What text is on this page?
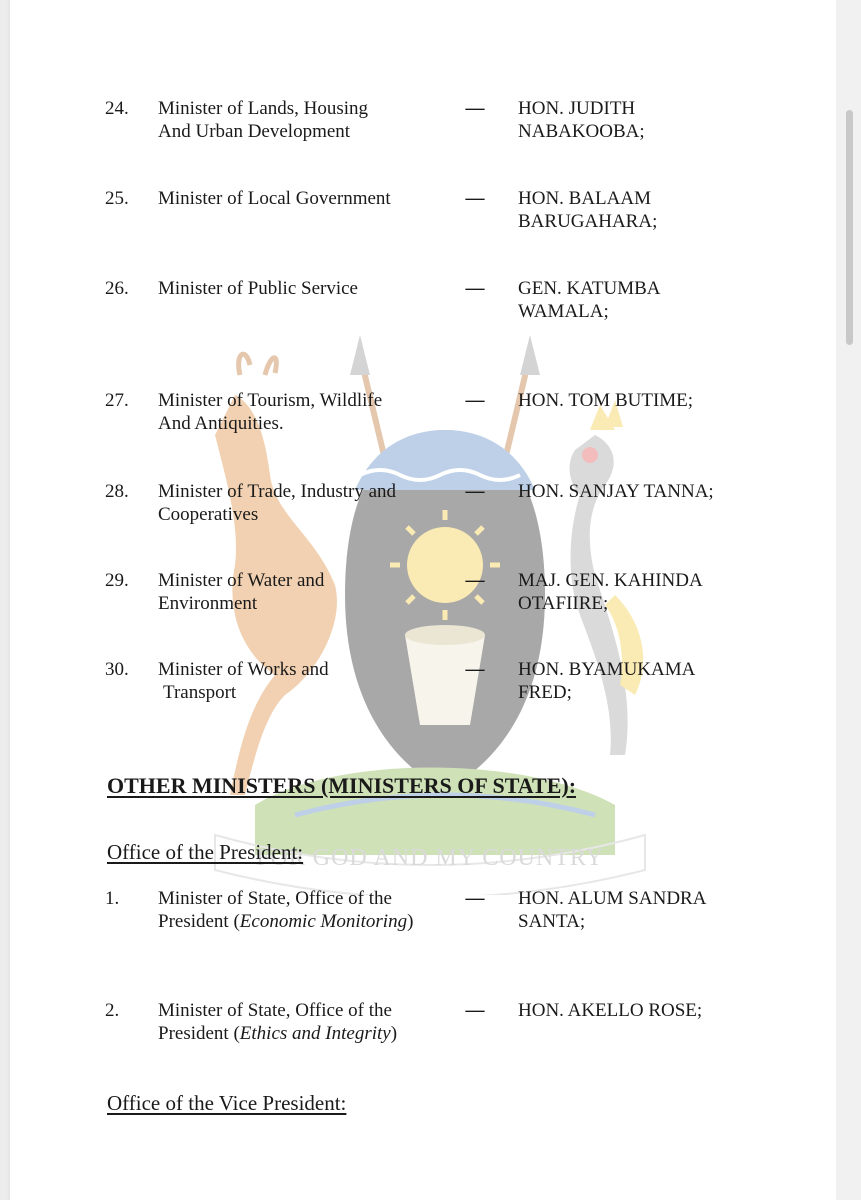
FOR GOD AND MY COUNTRY
24.	Minister of Lands, Housing
And Urban Development
— HON. JUDITH
NABAKOOBA;
25.	Minister of Local Government	— HON. BALAAM
BARUGAHARA;
26.	Minister of Public Service	— GEN. KATUMBA
WAMALA;
27.	Minister of Tourism, Wildlife
And Antiquities.
— HON. TOM BUTIME;
28.	Minister of Trade, Industry and
Cooperatives
— HON. SANJAY TANNA;
29.	Minister of Water and
Environment
— MAJ. GEN. KAHINDA
OTAFIIRE;
30.	Minister of Works and
Transport
— HON. BYAMUKAMA
FRED;
OTHER MINISTERS (MINISTERS OF STATE):
Office of the President:
1.	Minister of State, Office of the
President (Economic Monitoring)
— HON. ALUM SANDRA
SANTA;
2.	Minister of State, Office of the
President (Ethics and Integrity)
— HON. AKELLO ROSE;
Office of the Vice President:
